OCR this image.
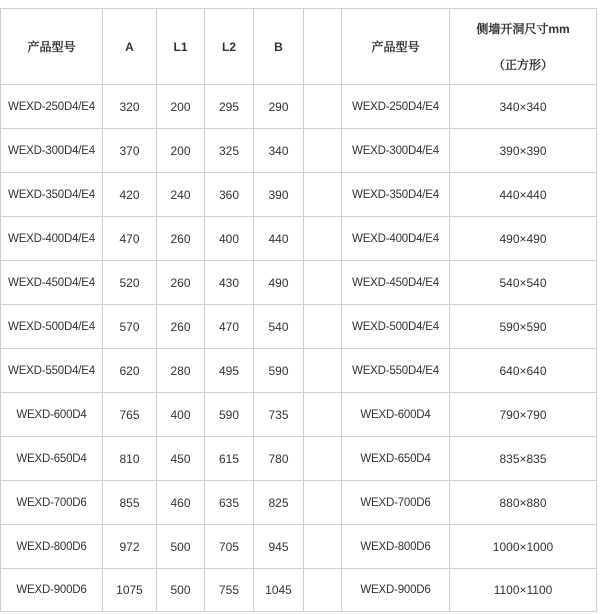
产品型号	A	L1	L2	B		产品型号	侧墙开洞尺寸mm
（正方形）

WEXD-250D4/E4	320	200	295	290		WEXD-250D4/E4	340×340
WEXD-300D4/E4	370	200	325	340		WEXD-300D4/E4	390×390
WEXD-350D4/E4	420	240	360	390		WEXD-350D4/E4	440×440
WEXD-400D4/E4	470	260	400	440		WEXD-400D4/E4	490×490
WEXD-450D4/E4	520	260	430	490		WEXD-450D4/E4	540×540
WEXD-500D4/E4	570	260	470	540		WEXD-500D4/E4	590×590
WEXD-550D4/E4	620	280	495	590		WEXD-550D4/E4	640×640
WEXD-600D4	765	400	590	735		WEXD-600D4	790×790
WEXD-650D4	810	450	615	780		WEXD-650D4	835×835
WEXD-700D6	855	460	635	825		WEXD-700D6	880×880
WEXD-800D6	972	500	705	945		WEXD-800D6	1000×1000
WEXD-900D6	1075	500	755	1045		WEXD-900D6	1100×1100
